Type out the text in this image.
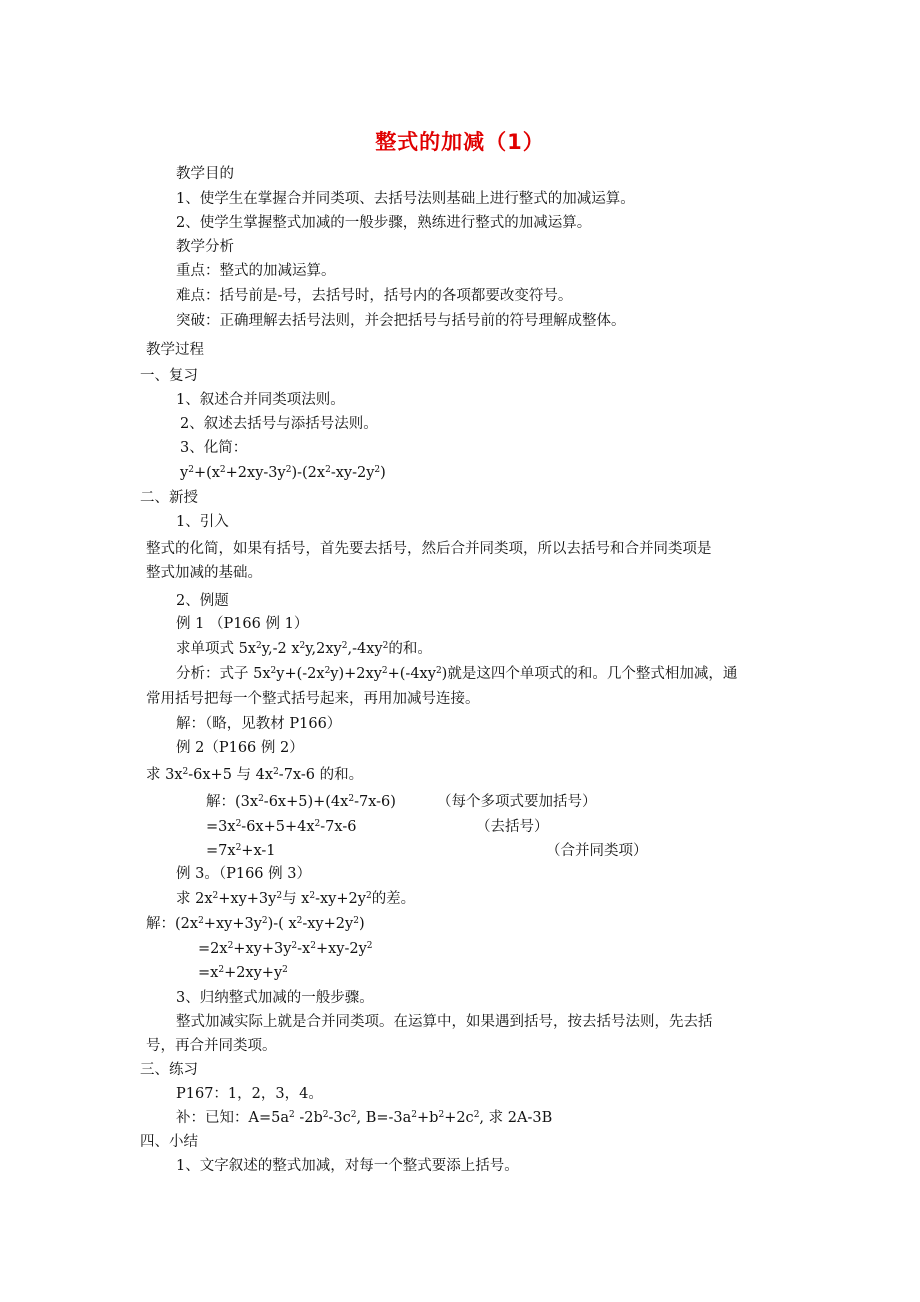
整式的加减（1）
教学目的
1、使学生在掌握合并同类项、去括号法则基础上进行整式的加减运算。
2、使学生掌握整式加减的一般步骤，熟练进行整式的加减运算。
教学分析
重点：整式的加减运算。
难点：括号前是-号，去括号时，括号内的各项都要改变符号。
突破：正确理解去括号法则，并会把括号与括号前的符号理解成整体。
教学过程
一、复习
1、叙述合并同类项法则。
2、叙述去括号与添括号法则。
3、化简：
$y^2+(x^2+2xy-3y^2)-(2x^2-xy-2y^2)$
二、新授
1、引入
整式的化简，如果有括号，首先要去括号，然后合并同类项，所以去括号和合并同类项是
整式加减的基础。
2、例题
例 1 （P166 例 1）
求单项式 $5x^2y,-2$ $x^2y,2xy^2,-4xy^2$的和。
分析：式子 $5x^2y+(-2x^2y)+2xy^2+(-4xy^2)$就是这四个单项式的和。几个整式相加减，通
常用括号把每一个整式括号起来，再用加减号连接。
解：（略，见教材 P166）
例 2（P166 例 2）
求 $3x^2-6x+5$ 与 $4x^2-7x-6$ 的和。
解：$(3x^2-6x+5)+(4x^2-7x-6)$	（每个多项式要加括号）
$=3x^2-6x+5+4x^2-7x-6$	（去括号）
$=7x^2+x-1$	（合并同类项）
例 3。（P166 例 3）
求 $2x^2+xy+3y^2$与 $x^2-xy+2y^2$的差。
解：$(2x^2+xy+3y^2)-$( $x^2-xy+2y^2$)
$=2x^2+xy+3y^2-x^2+xy-2y^2$
$=x^2+2xy+y^2$
3、归纳整式加减的一般步骤。
整式加减实际上就是合并同类项。在运算中，如果遇到括号，按去括号法则，先去括
号，再合并同类项。
三、练习
P167：1，2，3，4。
补：已知：$A=5a^2$ $-2b^2-3c^2$, $B=-3a^2+b^2+2c^2$, 求 2A-3B
四、小结
1、文字叙述的整式加减，对每一个整式要添上括号。
